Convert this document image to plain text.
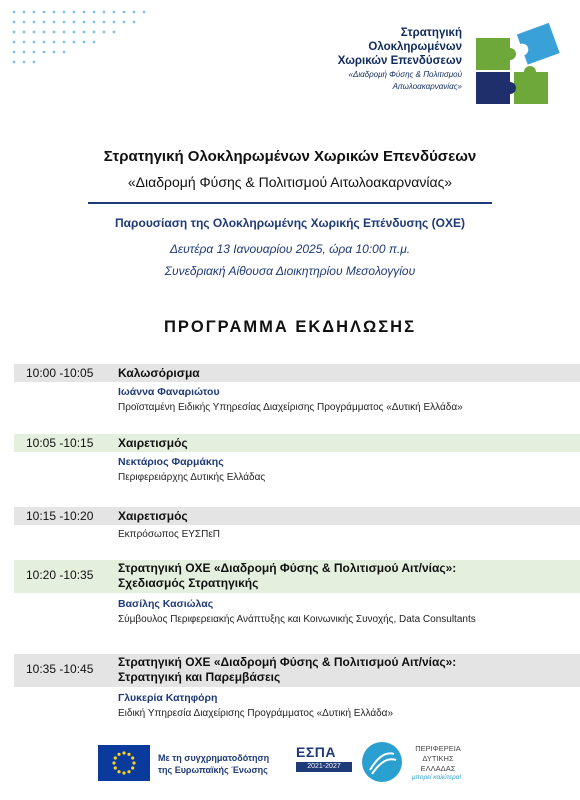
Στρατηγική
Ολοκληρωμένων
Χωρικών Επενδύσεων
«Διαδρομή Φύσης & Πολιτισμού
Αιτωλοακαρνανίας»
Στρατηγική Ολοκληρωμένων Χωρικών Επενδύσεων
«Διαδρομή Φύσης & Πολιτισμού Αιτωλοακαρνανίας»
Παρουσίαση της Ολοκληρωμένης Χωρικής Επένδυσης (ΟΧΕ)
Δευτέρα 13 Ιανουαρίου 2025, ώρα 10:00 π.μ.
Συνεδριακή Αίθουσα Διοικητηρίου Μεσολογγίου
ΠΡΟΓΡΑΜΜΑ ΕΚΔΗΛΩΣΗΣ
10:00 -10:05 Καλωσόρισμα
Ιωάννα Φαναριώτου
Προϊσταμένη Ειδικής Υπηρεσίας Διαχείρισης Προγράμματος «Δυτική Ελλάδα»
10:05 -10:15 Χαιρετισμός
Νεκτάριος Φαρμάκης
Περιφερειάρχης Δυτικής Ελλάδας
10:15 -10:20 Χαιρετισμός
Εκπρόσωπος ΕΥΣΠεΠ
10:20 -10:35 Στρατηγική ΟΧΕ «Διαδρομή Φύσης & Πολιτισμού Αιτ/νίας»:
Σχεδιασμός Στρατηγικής
Βασίλης Κασιώλας
Σύμβουλος Περιφερειακής Ανάπτυξης και Κοινωνικής Συνοχής, Data Consultants
10:35 -10:45 Στρατηγική ΟΧΕ «Διαδρομή Φύσης & Πολιτισμού Αιτ/νίας»:
Στρατηγική και Παρεμβάσεις
Γλυκερία Κατηφόρη
Ειδική Υπηρεσία Διαχείρισης Προγράμματος «Δυτική Ελλάδα»
Με τη συγχρηματοδότηση
της Ευρωπαϊκής Ένωσης
ΕΣΠΑ
2021-2027
ΠΕΡΙΦΕΡΕΙΑ
ΔΥΤΙΚΗΣ
ΕΛΛΑΔΑΣ
μπορεί καλύτερα!
